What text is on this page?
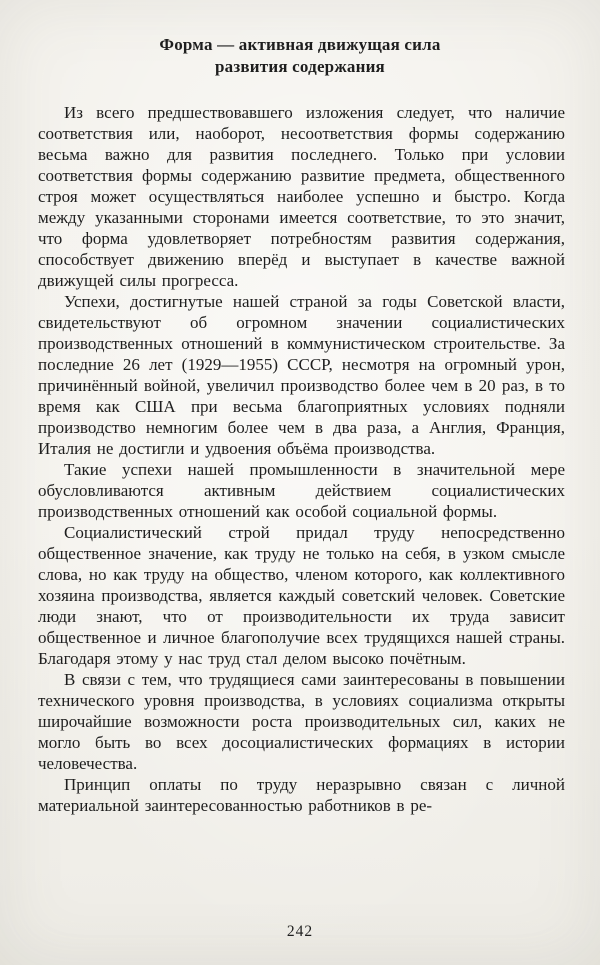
Форма — активная движущая сила
развития содержания

Из всего предшествовавшего изложения следует, что наличие соответствия или, наоборот, несоответствия формы содержанию весьма важно для развития последнего. Только при условии соответствия формы содержанию развитие предмета, общественного строя может осуществляться наиболее успешно и быстро. Когда между указанными сторонами имеется соответствие, то это значит, что форма удовлетворяет потребностям развития содержания, способствует движению вперёд и выступает в качестве важной движущей силы прогресса.

Успехи, достигнутые нашей страной за годы Советской власти, свидетельствуют об огромном значении социалистических производственных отношений в коммунистическом строительстве. За последние 26 лет (1929—1955) СССР, несмотря на огромный урон, причинённый войной, увеличил производство более чем в 20 раз, в то время как США при весьма благоприятных условиях подняли производство немногим более чем в два раза, а Англия, Франция, Италия не достигли и удвоения объёма производства.

Такие успехи нашей промышленности в значительной мере обусловливаются активным действием социалистических производственных отношений как особой социальной формы.

Социалистический строй придал труду непосредственно общественное значение, как труду не только на себя, в узком смысле слова, но как труду на общество, членом которого, как коллективного хозяина производства, является каждый советский человек. Советские люди знают, что от производительности их труда зависит общественное и личное благополучие всех трудящихся нашей страны. Благодаря этому у нас труд стал делом высоко почётным.

В связи с тем, что трудящиеся сами заинтересованы в повышении технического уровня производства, в условиях социализма открыты широчайшие возможности роста производительных сил, каких не могло быть во всех досоциалистических формациях в истории человечества.

Принцип оплаты по труду неразрывно связан с личной материальной заинтересованностью работников в ре-

242
